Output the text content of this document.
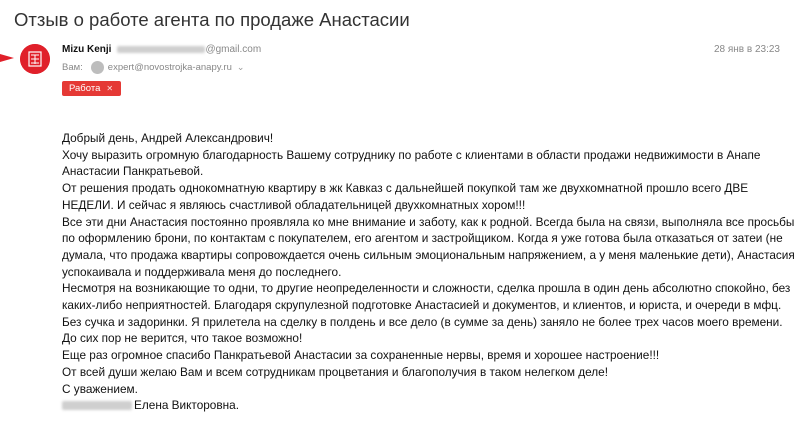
Отзыв о работе агента по продаже Анастасии
Mizu Kenji	@gmail.com	28 янв в 23:23
Вам:	expert@novostrojka-anapy.ru ⌄
Работа ✕

Добрый день, Андрей Александрович!

Хочу выразить огромную благодарность Вашему сотруднику по работе с клиентами в области продажи недвижимости в Анапе

Анастасии Панкратьевой.

От решения продать однокомнатную квартиру в жк Кавказ с дальнейшей покупкой там же двухкомнатной прошло всего ДВЕ

НЕДЕЛИ. И сейчас я являюсь счастливой обладательницей двухкомнатных хором!!!

Все эти дни Анастасия постоянно проявляла ко мне внимание и заботу, как к родной. Всегда была на связи, выполняла все просьбы

по оформлению брони, по контактам с покупателем, его агентом и застройщиком. Когда я уже готова была отказаться от затеи (не

думала, что продажа квартиры сопровождается очень сильным эмоциональным напряжением, а у меня маленькие дети), Анастасия

успокаивала и поддерживала меня до последнего.

Несмотря на возникающие то одни, то другие неопределенности и сложности, сделка прошла в один день абсолютно спокойно, без

каких-либо неприятностей. Благодаря скрупулезной подготовке Анастасией и документов, и клиентов, и юриста, и очереди в мфц.

Без сучка и задоринки. Я прилетела на сделку в полдень и все дело (в сумме за день) заняло не более трех часов моего времени.

До сих пор не верится, что такое возможно!

Еще раз огромное спасибо Панкратьевой Анастасии за сохраненные нервы, время и хорошее настроение!!!

От всей души желаю Вам и всем сотрудникам процветания и благополучия в таком нелегком деле!

С уважением.

Елена Викторовна.
